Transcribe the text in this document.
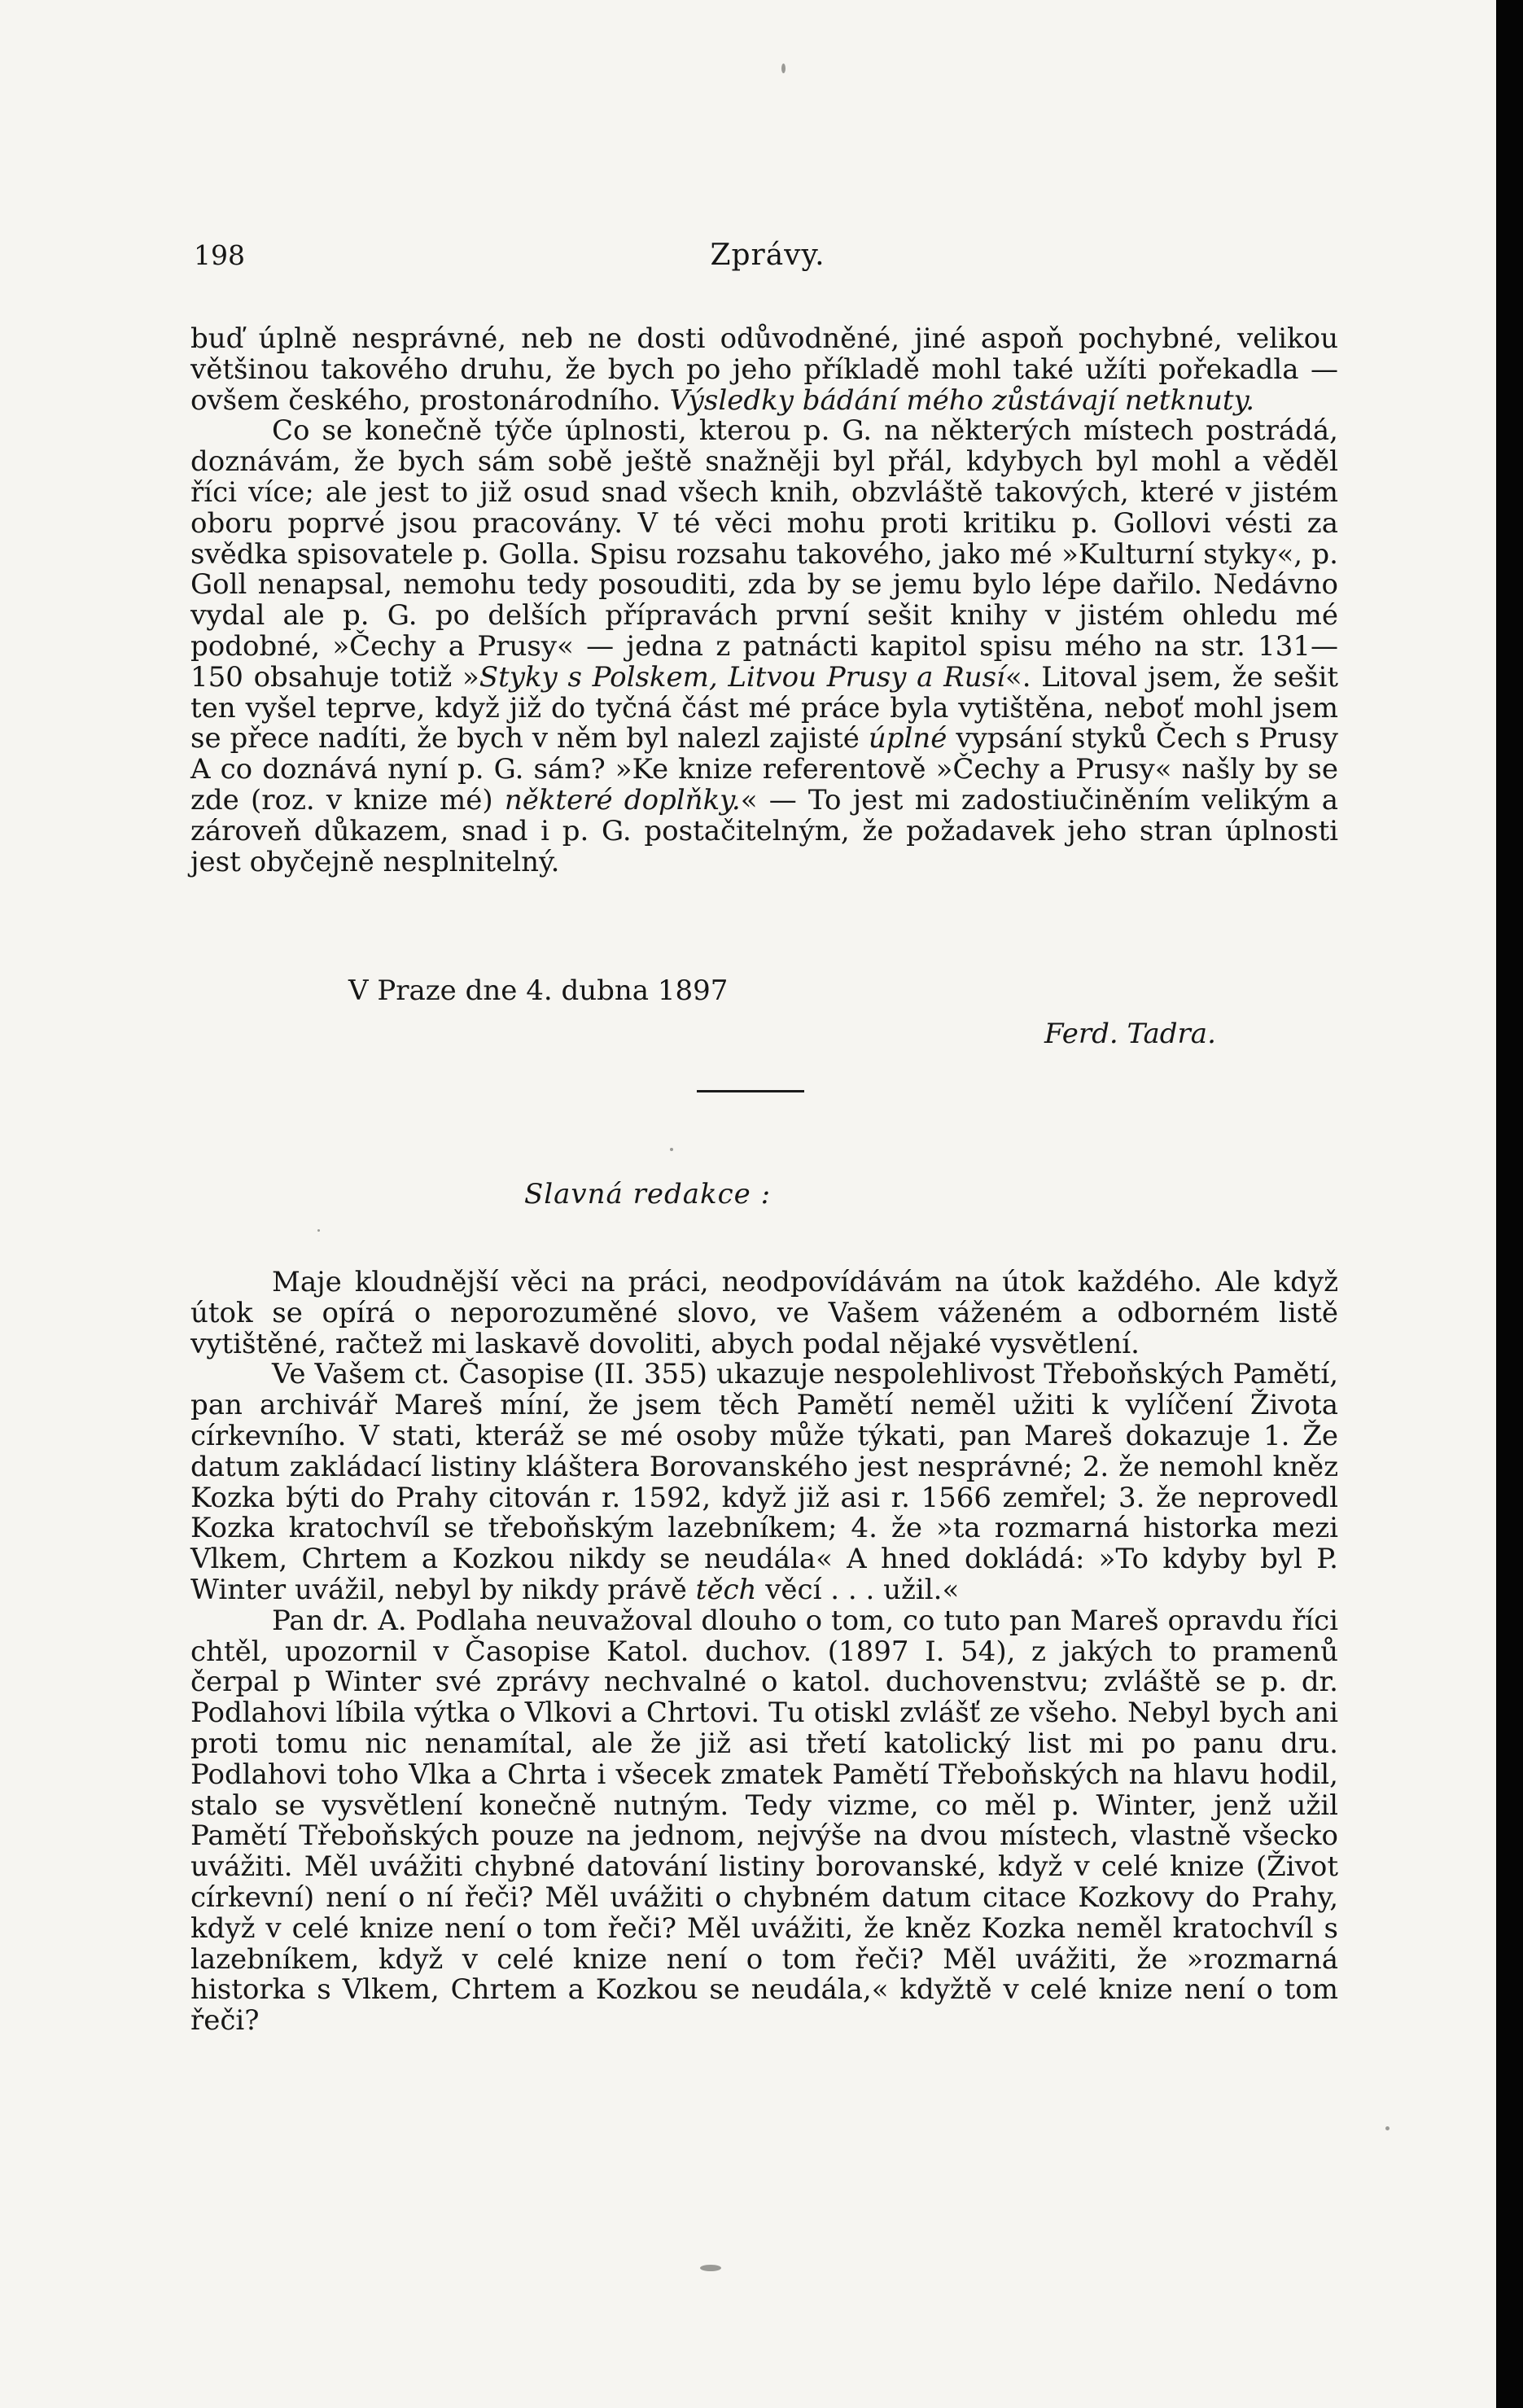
198	Zprávy.

buď úplně nesprávné, neb ne dosti odůvodněné, jiné aspoň pochybné, velikou většinou takového druhu, že bych po jeho příkladě mohl také užíti pořekadla — ovšem českého, prostonárodního. Výsledky bádání mého zůstávají netknuty.

Co se konečně týče úplnosti, kterou p. G. na některých místech postrádá, doznávám, že bych sám sobě ještě snažněji byl přál, kdybych byl mohl a věděl říci více; ale jest to již osud snad všech knih, obzvláště takových, které v jistém oboru poprvé jsou pracovány. V té věci mohu proti kritiku p. Gollovi vésti za svědka spisovatele p. Golla. Spisu rozsahu takového, jako mé »Kulturní styky«, p. Goll nenapsal, nemohu tedy posouditi, zda by se jemu bylo lépe dařilo. Nedávno vydal ale p. G. po delších přípravách první sešit knihy v jistém ohledu mé podobné, »Čechy a Prusy« — jedna z patnácti kapitol spisu mého na str. 131—150 obsahuje totiž »Styky s Polskem, Litvou Prusy a Rusí«. Litoval jsem, že sešit ten vyšel teprve, když již do tyčná část mé práce byla vytištěna, neboť mohl jsem se přece nadíti, že bych v něm byl nalezl zajisté úplné vypsání styků Čech s Prusy A co doznává nyní p. G. sám? »Ke knize referentově »Čechy a Prusy« našly by se zde (roz. v knize mé) některé doplňky.« — To jest mi zadostiučiněním velikým a zároveň důkazem, snad i p. G. postačitelným, že požadavek jeho stran úplnosti jest obyčejně nesplnitelný.

V Praze dne 4. dubna 1897
Ferd. Tadra.
Slavná redakce :

Maje kloudnější věci na práci, neodpovídávám na útok každého. Ale když útok se opírá o neporozuměné slovo, ve Vašem váženém a odborném listě vytištěné, račtež mi laskavě dovoliti, abych podal nějaké vysvětlení.

Ve Vašem ct. Časopise (II. 355) ukazuje nespolehlivost Třeboňských Pamětí, pan archivář Mareš míní, že jsem těch Pamětí neměl užiti k vylíčení Života církevního. V stati, kteráž se mé osoby může týkati, pan Mareš dokazuje 1. Že datum zakládací listiny kláštera Borovanského jest nesprávné; 2. že nemohl kněz Kozka býti do Prahy citován r. 1592, když již asi r. 1566 zemřel; 3. že neprovedl Kozka kratochvíl se třeboňským lazebníkem; 4. že »ta rozmarná historka mezi Vlkem, Chrtem a Kozkou nikdy se neudála« A hned dokládá: »To kdyby byl P. Winter uvážil, nebyl by nikdy právě těch věcí . . . užil.«

Pan dr. A. Podlaha neuvažoval dlouho o tom, co tuto pan Mareš opravdu říci chtěl, upozornil v Časopise Katol. duchov. (1897 I. 54), z jakých to pramenů čerpal p Winter své zprávy nechvalné o katol. duchovenstvu; zvláště se p. dr. Podlahovi líbila výtka o Vlkovi a Chrtovi. Tu otiskl zvlášť ze všeho. Nebyl bych ani proti tomu nic nenamítal, ale že již asi třetí katolický list mi po panu dru. Podlahovi toho Vlka a Chrta i všecek zmatek Pamětí Třeboňských na hlavu hodil, stalo se vysvětlení konečně nutným. Tedy vizme, co měl p. Winter, jenž užil Pamětí Třeboňských pouze na jednom, nejvýše na dvou místech, vlastně všecko uvážiti. Měl uvážiti chybné datování listiny borovanské, když v celé knize (Život církevní) není o ní řeči? Měl uvážiti o chybném datum citace Kozkovy do Prahy, když v celé knize není o tom řeči? Měl uvážiti, že kněz Kozka neměl kratochvíl s lazebníkem, když v celé knize není o tom řeči? Měl uvážiti, že »rozmarná historka s Vlkem, Chrtem a Kozkou se neudála,« kdyžtě v celé knize není o tom řeči?
